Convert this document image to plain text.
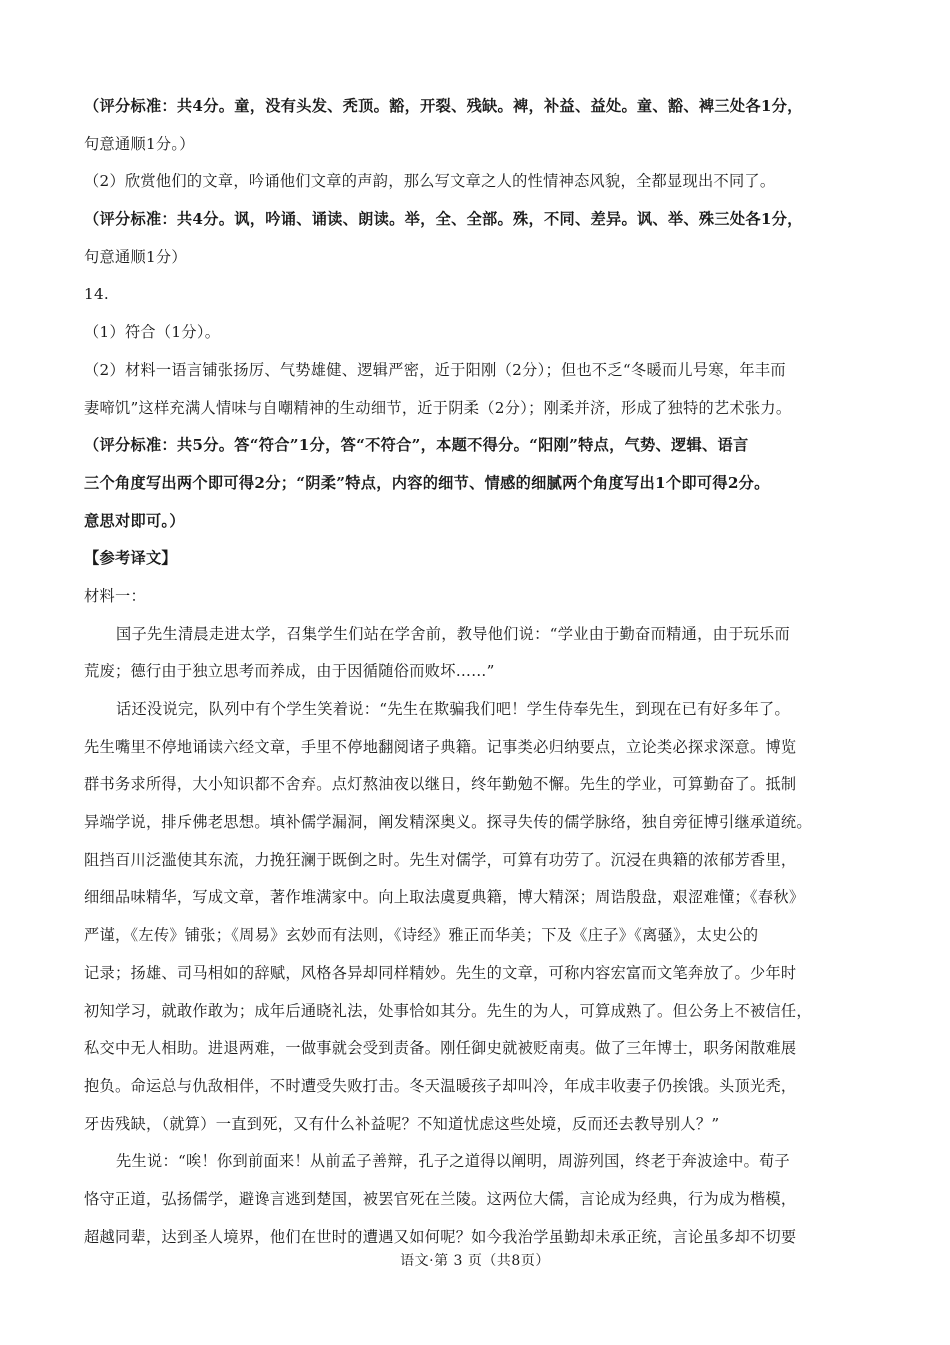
（评分标准：共4分。童，没有头发、秃顶。豁，开裂、残缺。裨，补益、益处。童、豁、裨三处各1分，
句意通顺1分。）
（2）欣赏他们的文章，吟诵他们文章的声韵，那么写文章之人的性情神态风貌，全都显现出不同了。
（评分标准：共4分。讽，吟诵、诵读、朗读。举，全、全部。殊，不同、差异。讽、举、殊三处各1分，
句意通顺1分）
14.
（1）符合（1分）。
（2）材料一语言铺张扬厉、气势雄健、逻辑严密，近于阳刚（2分）；但也不乏“冬暖而儿号寒，年丰而
妻啼饥”这样充满人情味与自嘲精神的生动细节，近于阴柔（2分）；刚柔并济，形成了独特的艺术张力。
（评分标准：共5分。答“符合”1分，答“不符合”，本题不得分。“阳刚”特点，气势、逻辑、语言
三个角度写出两个即可得2分；“阴柔”特点，内容的细节、情感的细腻两个角度写出1个即可得2分。
意思对即可。）
【参考译文】
材料一：
国子先生清晨走进太学，召集学生们站在学舍前，教导他们说：“学业由于勤奋而精通，由于玩乐而
荒废；德行由于独立思考而养成，由于因循随俗而败坏……”
话还没说完，队列中有个学生笑着说：“先生在欺骗我们吧！学生侍奉先生，到现在已有好多年了。
先生嘴里不停地诵读六经文章，手里不停地翻阅诸子典籍。记事类必归纳要点，立论类必探求深意。博览
群书务求所得，大小知识都不舍弃。点灯熬油夜以继日，终年勤勉不懈。先生的学业，可算勤奋了。抵制
异端学说，排斥佛老思想。填补儒学漏洞，阐发精深奥义。探寻失传的儒学脉络，独自旁征博引继承道统。
阻挡百川泛滥使其东流，力挽狂澜于既倒之时。先生对儒学，可算有功劳了。沉浸在典籍的浓郁芳香里，
细细品味精华，写成文章，著作堆满家中。向上取法虞夏典籍，博大精深；周诰殷盘，艰涩难懂；《春秋》
严谨，《左传》铺张；《周易》玄妙而有法则，《诗经》雅正而华美；下及《庄子》《离骚》，太史公的
记录；扬雄、司马相如的辞赋，风格各异却同样精妙。先生的文章，可称内容宏富而文笔奔放了。少年时
初知学习，就敢作敢为；成年后通晓礼法，处事恰如其分。先生的为人，可算成熟了。但公务上不被信任，
私交中无人相助。进退两难，一做事就会受到责备。刚任御史就被贬南夷。做了三年博士，职务闲散难展
抱负。命运总与仇敌相伴，不时遭受失败打击。冬天温暖孩子却叫冷，年成丰收妻子仍挨饿。头顶光秃，
牙齿残缺，（就算）一直到死，又有什么补益呢？不知道忧虑这些处境，反而还去教导别人？”
先生说：“唉！你到前面来！从前孟子善辩，孔子之道得以阐明，周游列国，终老于奔波途中。荀子
恪守正道，弘扬儒学，避谗言逃到楚国，被罢官死在兰陵。这两位大儒，言论成为经典，行为成为楷模，
超越同辈，达到圣人境界，他们在世时的遭遇又如何呢？如今我治学虽勤却未承正统，言论虽多却不切要
语文·第 3 页（共8页）
